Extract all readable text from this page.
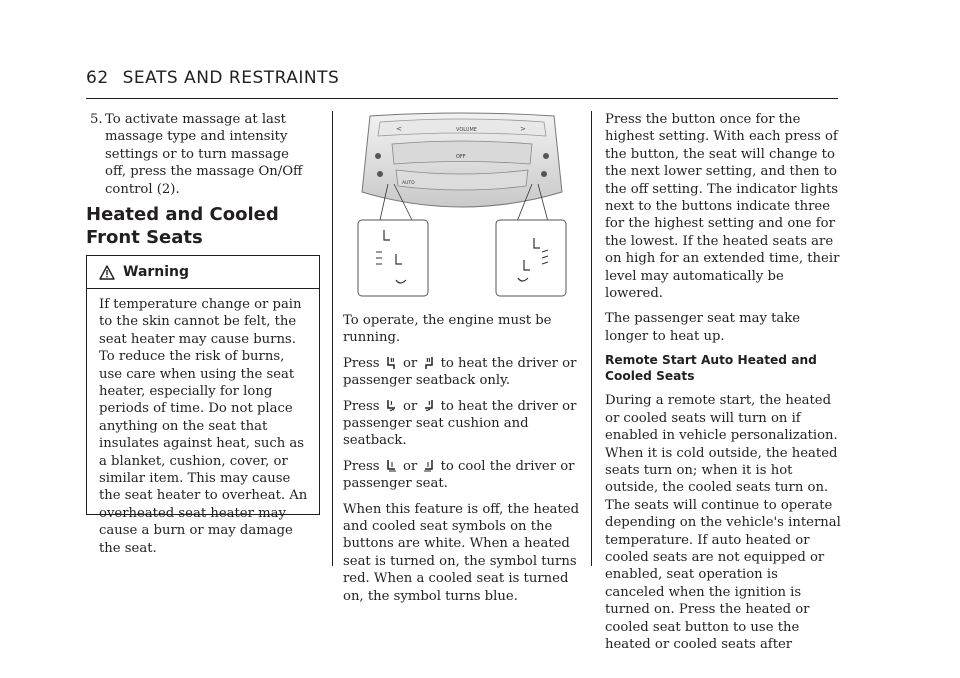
62 SEATS AND RESTRAINTS
5. To activate massage at last massage type and intensity settings or to turn massage off, press the massage On/Off control (2).
Heated and Cooled Front Seats
Warning
If temperature change or pain to the skin cannot be felt, the seat heater may cause burns. To reduce the risk of burns, use care when using the seat heater, especially for long periods of time. Do not place anything on the seat that insulates against heat, such as a blanket, cushion, cover, or similar item. This may cause the seat heater to overheat. An overheated seat heater may cause a burn or may damage the seat.
<	>
VOLUME
OFF
AUTO

To operate, the engine must be running.

Press or to heat the driver or passenger seatback only.

Press or to heat the driver or passenger seat cushion and seatback.

Press or to cool the driver or passenger seat.

When this feature is off, the heated and cooled seat symbols on the buttons are white. When a heated seat is turned on, the symbol turns red. When a cooled seat is turned on, the symbol turns blue.

Press the button once for the highest setting. With each press of the button, the seat will change to the next lower setting, and then to the off setting. The indicator lights next to the buttons indicate three for the highest setting and one for the lowest. If the heated seats are on high for an extended time, their level may automatically be lowered.

The passenger seat may take longer to heat up.

Remote Start Auto Heated and Cooled Seats

During a remote start, the heated or cooled seats will turn on if enabled in vehicle personalization. When it is cold outside, the heated seats turn on; when it is hot outside, the cooled seats turn on. The seats will continue to operate depending on the vehicle's internal temperature. If auto heated or cooled seats are not equipped or enabled, seat operation is canceled when the ignition is turned on. Press the heated or cooled seat button to use the heated or cooled seats after
